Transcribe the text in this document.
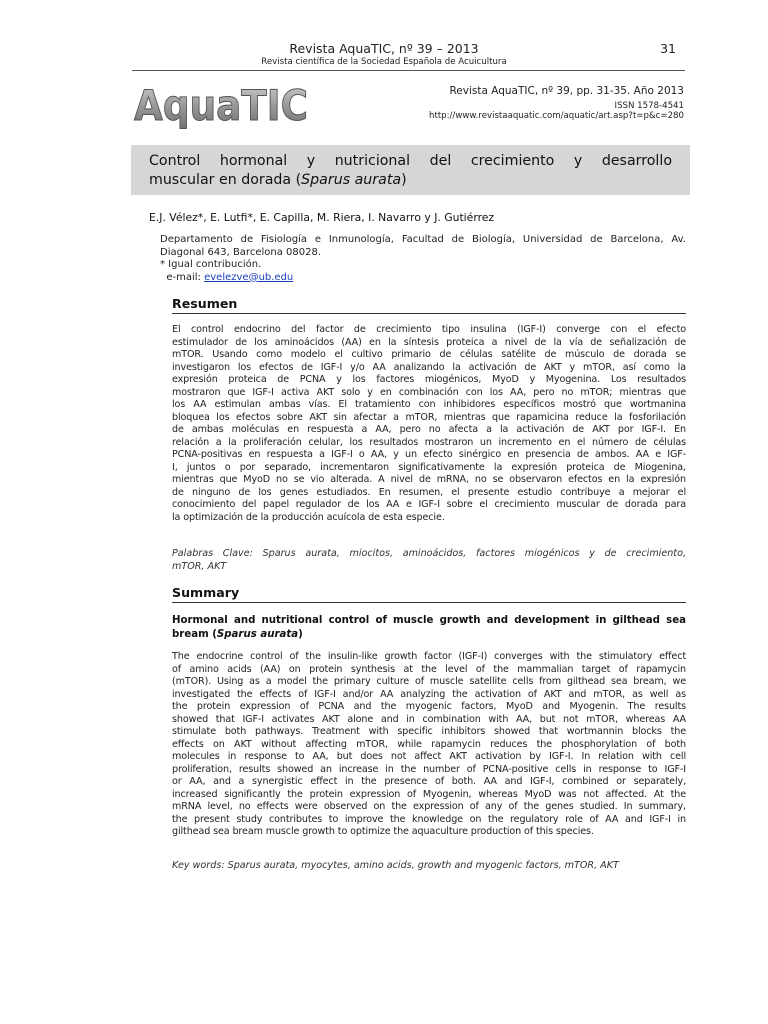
Revista AquaTIC, nº 39 – 2013	31
Revista científica de la Sociedad Española de Acuicultura
AquaTIC	Revista AquaTIC, nº 39, pp. 31-35. Año 2013
ISSN 1578-4541
http://www.revistaaquatic.com/aquatic/art.asp?t=p&c=280
Control hormonal y nutricional del crecimiento y desarrollo
muscular en dorada (Sparus aurata)
E.J. Vélez*, E. Lutfi*, E. Capilla, M. Riera, I. Navarro y J. Gutiérrez
Departamento de Fisiología e Inmunología, Facultad de Biología, Universidad de Barcelona, Av.
Diagonal 643, Barcelona 08028.
* Igual contribución.
e-mail: evelezve@ub.edu
Resumen
El control endocrino del factor de crecimiento tipo insulina (IGF-I) converge con el efecto
estimulador de los aminoácidos (AA) en la síntesis proteica a nivel de la vía de señalización de
mTOR. Usando como modelo el cultivo primario de células satélite de músculo de dorada se
investigaron los efectos de IGF-I y/o AA analizando la activación de AKT y mTOR, así como la
expresión proteica de PCNA y los factores miogénicos, MyoD y Myogenina. Los resultados
mostraron que IGF-I activa AKT solo y en combinación con los AA, pero no mTOR; mientras que
los AA estimulan ambas vías. El tratamiento con inhibidores específicos mostró que wortmanina
bloquea los efectos sobre AKT sin afectar a mTOR, mientras que rapamicina reduce la fosforilación
de ambas moléculas en respuesta a AA, pero no afecta a la activación de AKT por IGF-I. En
relación a la proliferación celular, los resultados mostraron un incremento en el número de células
PCNA-positivas en respuesta a IGF-I o AA, y un efecto sinérgico en presencia de ambos. AA e IGF-
I, juntos o por separado, incrementaron significativamente la expresión proteica de Miogenina,
mientras que MyoD no se vio alterada. A nivel de mRNA, no se observaron efectos en la expresión
de ninguno de los genes estudiados. En resumen, el presente estudio contribuye a mejorar el
conocimiento del papel regulador de los AA e IGF-I sobre el crecimiento muscular de dorada para
la optimización de la producción acuícola de esta especie.
Palabras Clave: Sparus aurata, miocitos, aminoácidos, factores miogénicos y de crecimiento,
mTOR, AKT
Summary
Hormonal and nutritional control of muscle growth and development in gilthead sea
bream (Sparus aurata)
The endocrine control of the insulin-like growth factor (IGF-I) converges with the stimulatory effect
of amino acids (AA) on protein synthesis at the level of the mammalian target of rapamycin
(mTOR). Using as a model the primary culture of muscle satellite cells from gilthead sea bream, we
investigated the effects of IGF-I and/or AA analyzing the activation of AKT and mTOR, as well as
the protein expression of PCNA and the myogenic factors, MyoD and Myogenin. The results
showed that IGF-I activates AKT alone and in combination with AA, but not mTOR, whereas AA
stimulate both pathways. Treatment with specific inhibitors showed that wortmannin blocks the
effects on AKT without affecting mTOR, while rapamycin reduces the phosphorylation of both
molecules in response to AA, but does not affect AKT activation by IGF-I. In relation with cell
proliferation, results showed an increase in the number of PCNA-positive cells in response to IGF-I
or AA, and a synergistic effect in the presence of both. AA and IGF-I, combined or separately,
increased significantly the protein expression of Myogenin, whereas MyoD was not affected. At the
mRNA level, no effects were observed on the expression of any of the genes studied. In summary,
the present study contributes to improve the knowledge on the regulatory role of AA and IGF-I in
gilthead sea bream muscle growth to optimize the aquaculture production of this species.
Key words: Sparus aurata, myocytes, amino acids, growth and myogenic factors, mTOR, AKT
